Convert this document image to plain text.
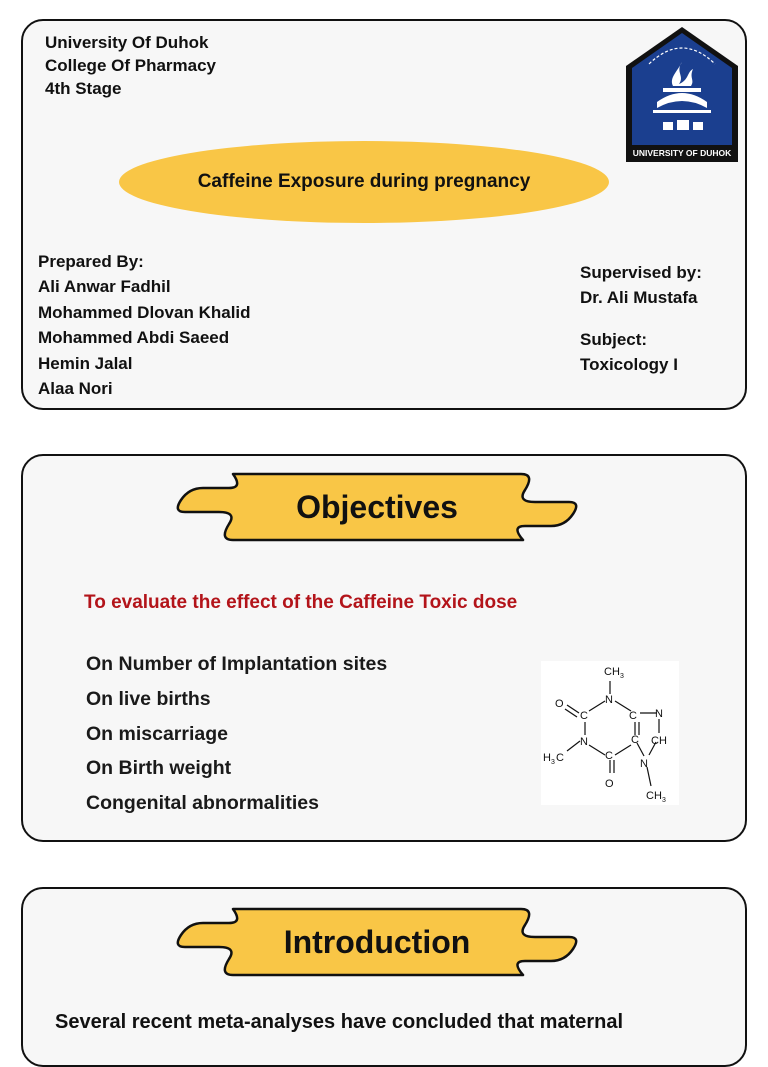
University Of Duhok
College Of Pharmacy
4th Stage
UNIVERSITY OF DUHOK
Caffeine Exposure during pregnancy
Prepared By:
Ali Anwar Fadhil
Mohammed Dlovan Khalid
Mohammed Abdi Saeed
Hemin Jalal
Alaa Nori
Supervised by:
Dr. Ali Mustafa
Subject:
Toxicology I
Objectives
To evaluate the effect of the Caffeine Toxic dose
On Number of Implantation sites
On live births
On miscarriage
On Birth weight
Congenital abnormalities
CH 3
N
C
C
O
N
C
C
N
CH
N
O
H 3 C
CH 3
Introduction
Several recent meta-analyses have concluded that maternal
